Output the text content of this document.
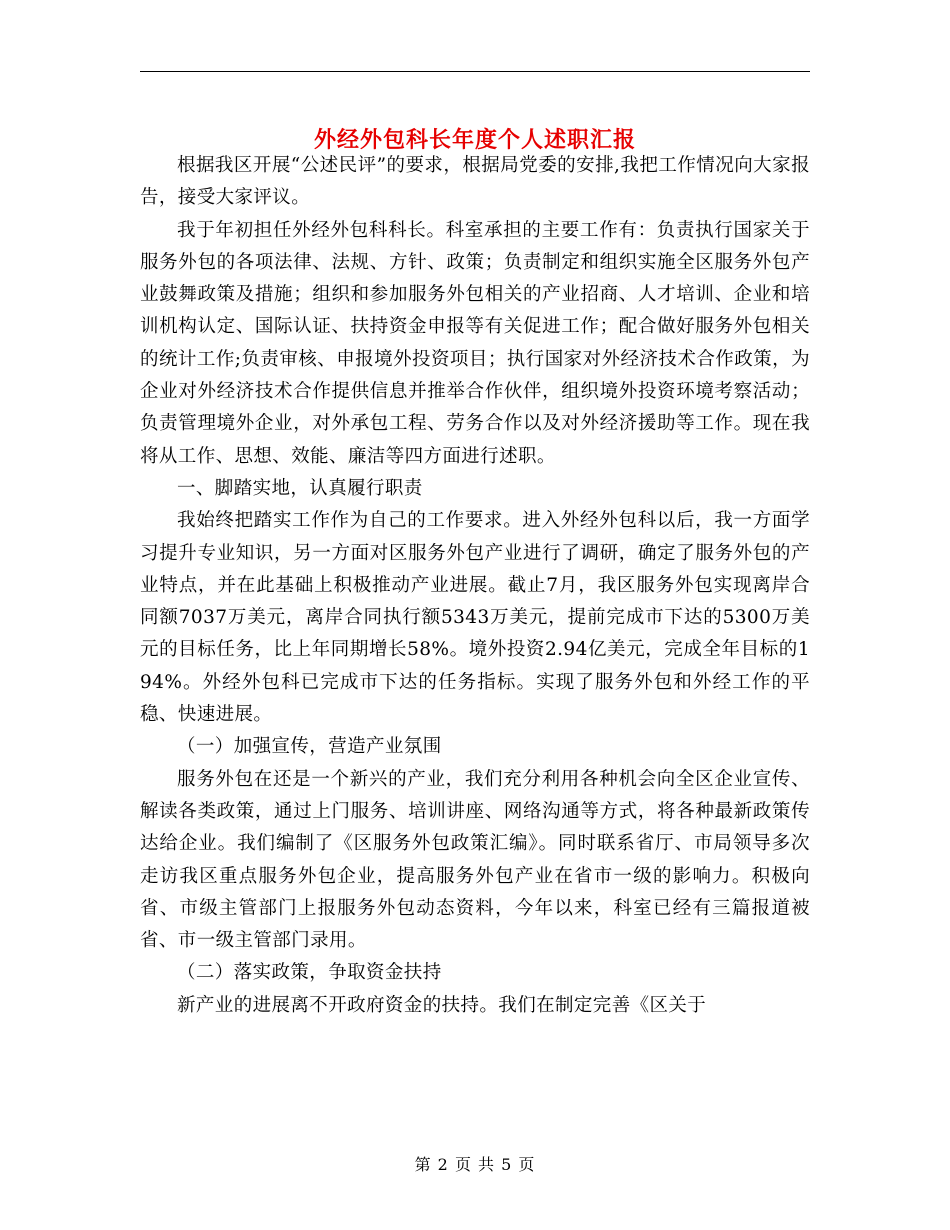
外经外包科长年度个人述职汇报

根据我区开展“公述民评”的要求，根据局党委的安排,我把工作情况向大家报告，接受大家评议。

我于年初担任外经外包科科长。科室承担的主要工作有：负责执行国家关于服务外包的各项法律、法规、方针、政策；负责制定和组织实施全区服务外包产业鼓舞政策及措施；组织和参加服务外包相关的产业招商、人才培训、企业和培训机构认定、国际认证、扶持资金申报等有关促进工作；配合做好服务外包相关的统计工作;负责审核、申报境外投资项目；执行国家对外经济技术合作政策，为企业对外经济技术合作提供信息并推举合作伙伴，组织境外投资环境考察活动；负责管理境外企业，对外承包工程、劳务合作以及对外经济援助等工作。现在我将从工作、思想、效能、廉洁等四方面进行述职。

一、脚踏实地，认真履行职责

我始终把踏实工作作为自己的工作要求。进入外经外包科以后，我一方面学习提升专业知识，另一方面对区服务外包产业进行了调研，确定了服务外包的产业特点，并在此基础上积极推动产业进展。截止7月，我区服务外包实现离岸合同额7037万美元，离岸合同执行额5343万美元，提前完成市下达的5300万美元的目标任务，比上年同期增长58%。境外投资2.94亿美元，完成全年目标的194%。外经外包科已完成市下达的任务指标。实现了服务外包和外经工作的平稳、快速进展。

（一）加强宣传，营造产业氛围

服务外包在还是一个新兴的产业，我们充分利用各种机会向全区企业宣传、解读各类政策，通过上门服务、培训讲座、网络沟通等方式，将各种最新政策传达给企业。我们编制了《区服务外包政策汇编》。同时联系省厅、市局领导多次走访我区重点服务外包企业，提高服务外包产业在省市一级的影响力。积极向省、市级主管部门上报服务外包动态资料，今年以来，科室已经有三篇报道被省、市一级主管部门录用。

（二）落实政策，争取资金扶持

新产业的进展离不开政府资金的扶持。我们在制定完善《区关于

第 2 页 共 5 页
